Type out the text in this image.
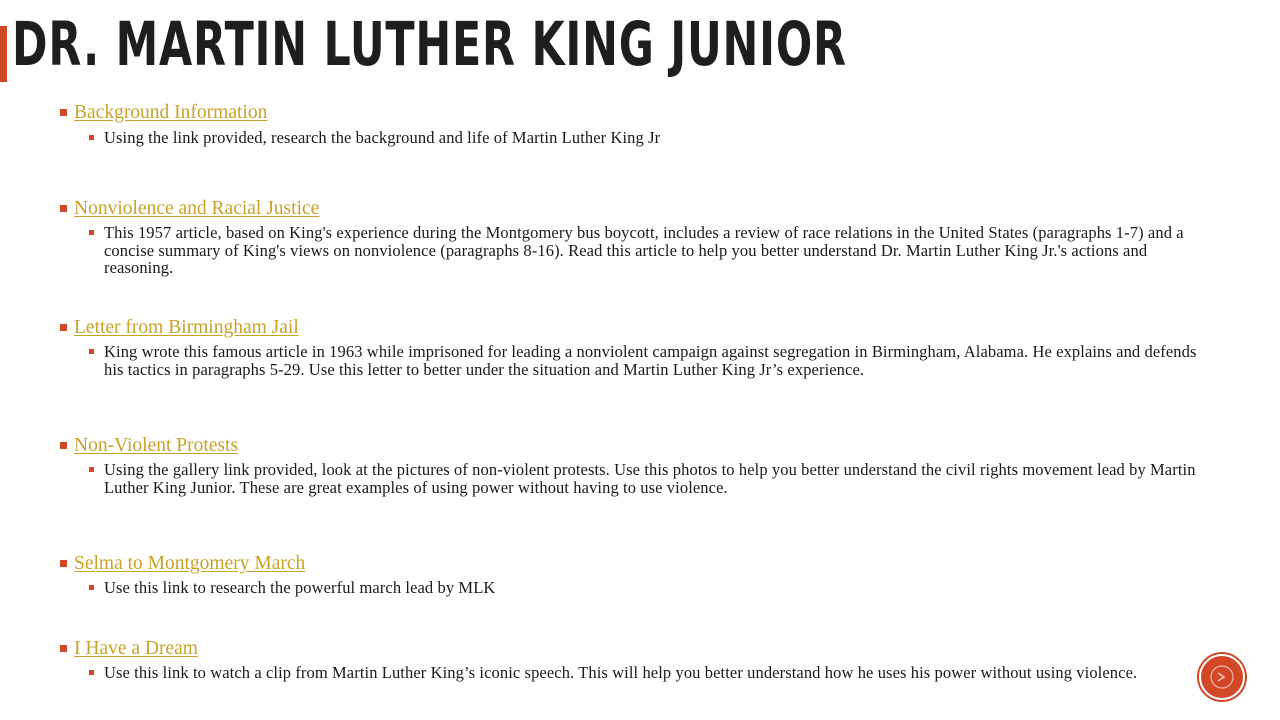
DR. MARTIN LUTHER KING JUNIOR
Background Information
Using the link provided, research the background and life of Martin Luther King Jr
Nonviolence and Racial Justice
This 1957 article, based on King's experience during the Montgomery bus boycott, includes a review of race relations in the United States (paragraphs 1-7) and a concise summary of King's views on nonviolence (paragraphs 8-16). Read this article to help you better understand Dr. Martin Luther King Jr.'s actions and reasoning.
Letter from Birmingham Jail
King wrote this famous article in 1963 while imprisoned for leading a nonviolent campaign against segregation in Birmingham, Alabama. He explains and defends his tactics in paragraphs 5-29. Use this letter to better under the situation and Martin Luther King Jr’s experience.
Non-Violent Protests
Using the gallery link provided, look at the pictures of non-violent protests. Use this photos to help you better understand the civil rights movement lead by Martin Luther King Junior. These are great examples of using power without having to use violence.
Selma to Montgomery March
Use this link to research the powerful march lead by MLK
I Have a Dream
Use this link to watch a clip from Martin Luther King’s iconic speech. This will help you better understand how he uses his power without using violence.
